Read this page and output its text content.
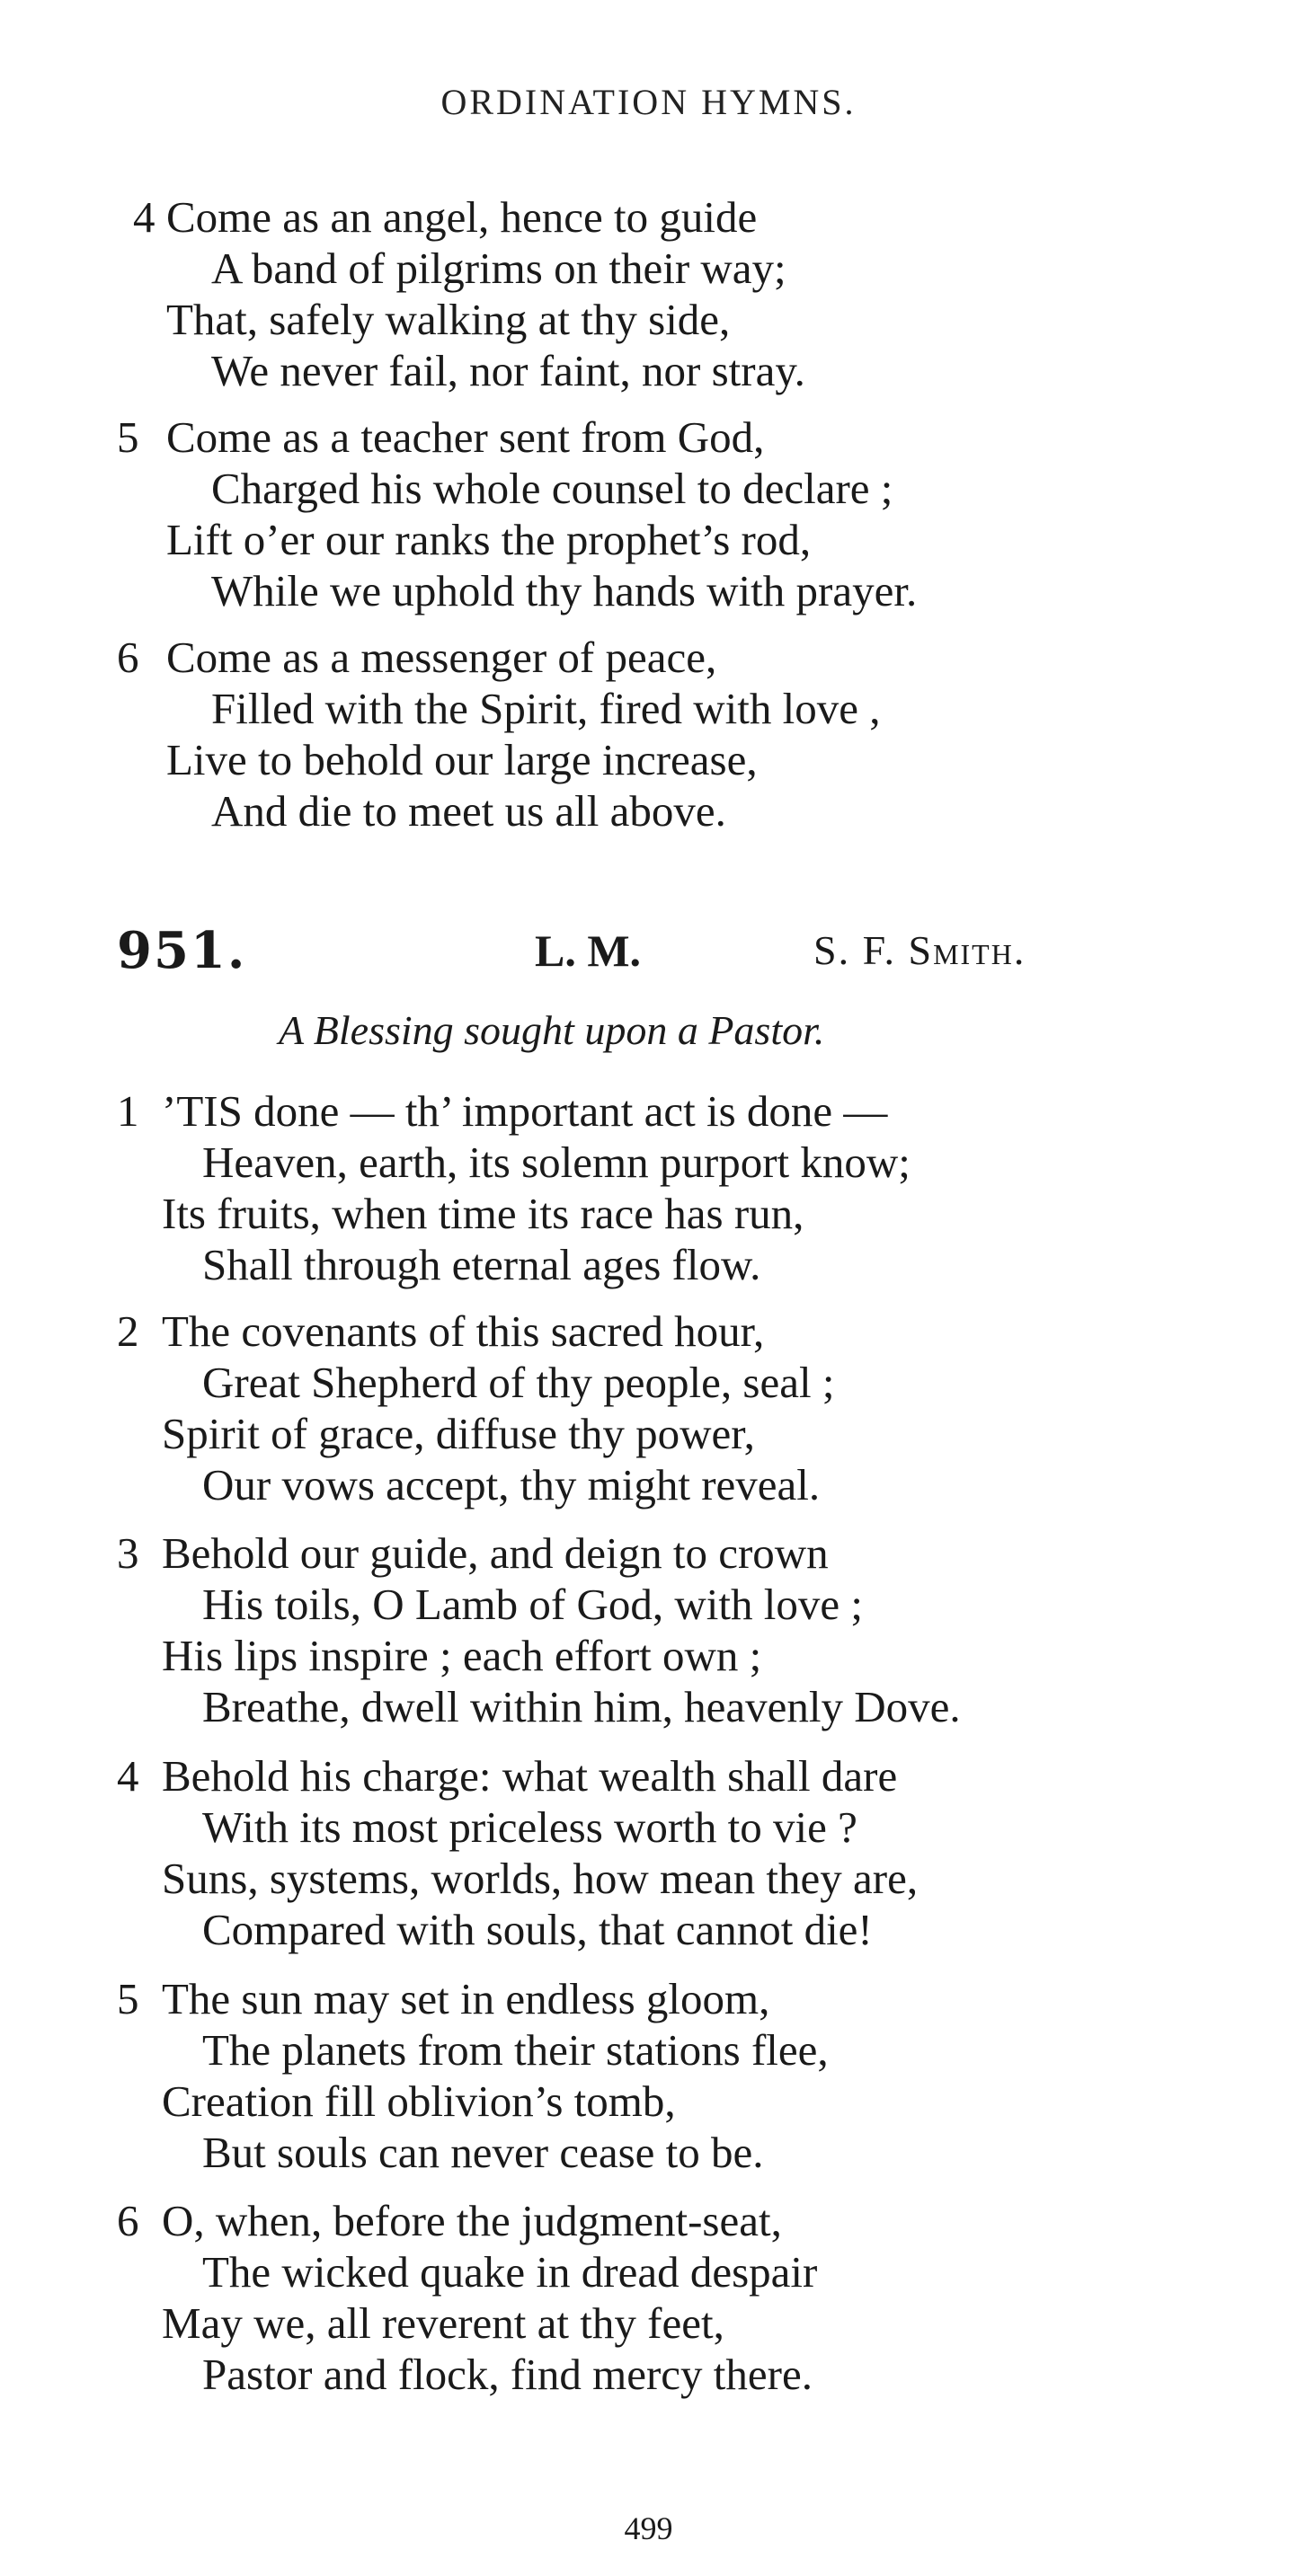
ORDINATION HYMNS.
4 Come as an angel, hence to guide
A band of pilgrims on their way;
That, safely walking at thy side,
We never fail, nor faint, nor stray.
5 Come as a teacher sent from God,
Charged his whole counsel to declare ;
Lift o’er our ranks the prophet’s rod,
While we uphold thy hands with prayer.
6 Come as a messenger of peace,
Filled with the Spirit, fired with love ,
Live to behold our large increase,
And die to meet us all above.
951.	L. M.	S. F. Smith.
A Blessing sought upon a Pastor.
1 ’TIS done — th’ important act is done —
Heaven, earth, its solemn purport know;
Its fruits, when time its race has run,
Shall through eternal ages flow.
2 The covenants of this sacred hour,
Great Shepherd of thy people, seal ;
Spirit of grace, diffuse thy power,
Our vows accept, thy might reveal.
3 Behold our guide, and deign to crown
His toils, O Lamb of God, with love ;
His lips inspire ; each effort own ;
Breathe, dwell within him, heavenly Dove.
4 Behold his charge: what wealth shall dare
With its most priceless worth to vie ?
Suns, systems, worlds, how mean they are,
Compared with souls, that cannot die!
5 The sun may set in endless gloom,
The planets from their stations flee,
Creation fill oblivion’s tomb,
But souls can never cease to be.
6 O, when, before the judgment-seat,
The wicked quake in dread despair
May we, all reverent at thy feet,
Pastor and flock, find mercy there.
499
